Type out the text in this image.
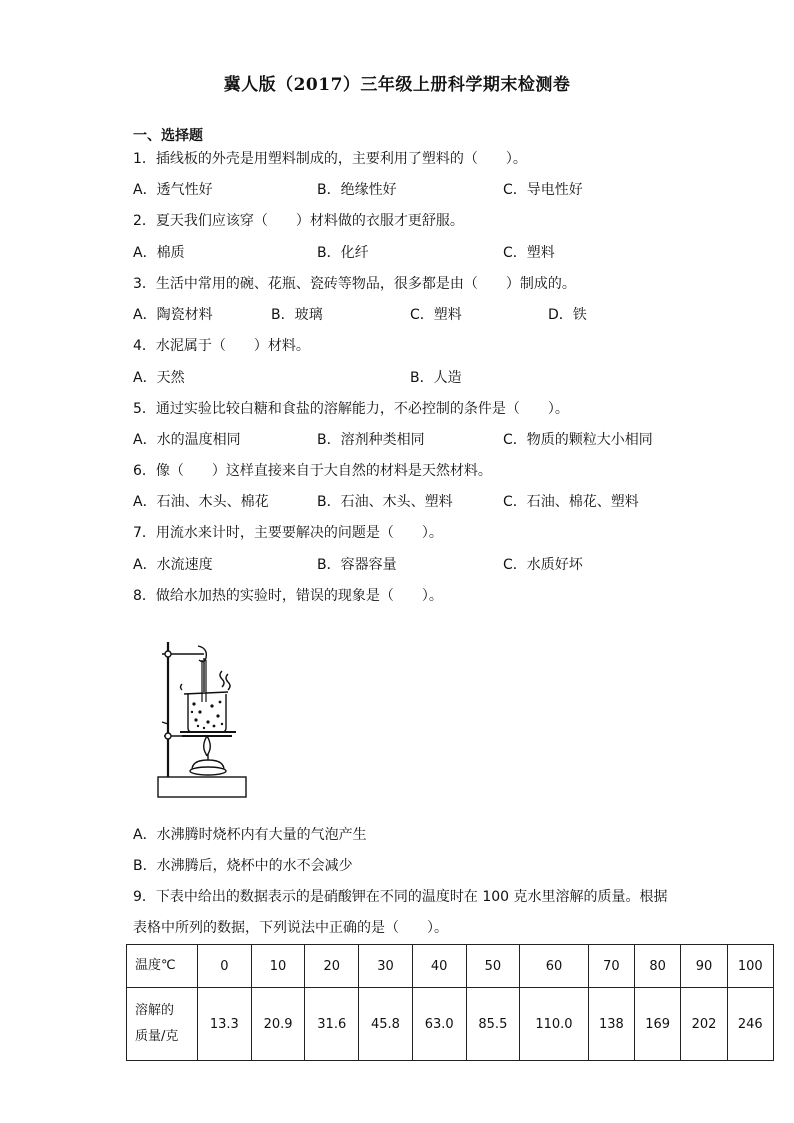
冀人版（2017）三年级上册科学期末检测卷
一、选择题
1．插线板的外壳是用塑料制成的，主要利用了塑料的（　　）。
A．透气性好	B．绝缘性好	C．导电性好
2．夏天我们应该穿（　　）材料做的衣服才更舒服。
A．棉质	B．化纤	C．塑料
3．生活中常用的碗、花瓶、瓷砖等物品，很多都是由（　　）制成的。
A．陶瓷材料	B．玻璃	C．塑料	D．铁
4．水泥属于（　　）材料。
A．天然	B．人造
5．通过实验比较白糖和食盐的溶解能力，不必控制的条件是（　　）。
A．水的温度相同	B．溶剂种类相同	C．物质的颗粒大小相同
6．像（　　）这样直接来自于大自然的材料是天然材料。
A．石油、木头、棉花	B．石油、木头、塑料	C．石油、棉花、塑料
7．用流水来计时，主要要解决的问题是（　　）。
A．水流速度	B．容器容量	C．水质好坏
8．做给水加热的实验时，错误的现象是（　　）。
A．水沸腾时烧杯内有大量的气泡产生
B．水沸腾后，烧杯中的水不会减少
9．下表中给出的数据表示的是硝酸钾在不同的温度时在 100 克水里溶解的质量。根据
表格中所列的数据，下列说法中正确的是（　　）。
温度℃	0	10	20	30	40	50	60	70	80	90	100

溶解的
质量/克	13.3	20.9	31.6	45.8	63.0	85.5	110.0	138	169	202	246
